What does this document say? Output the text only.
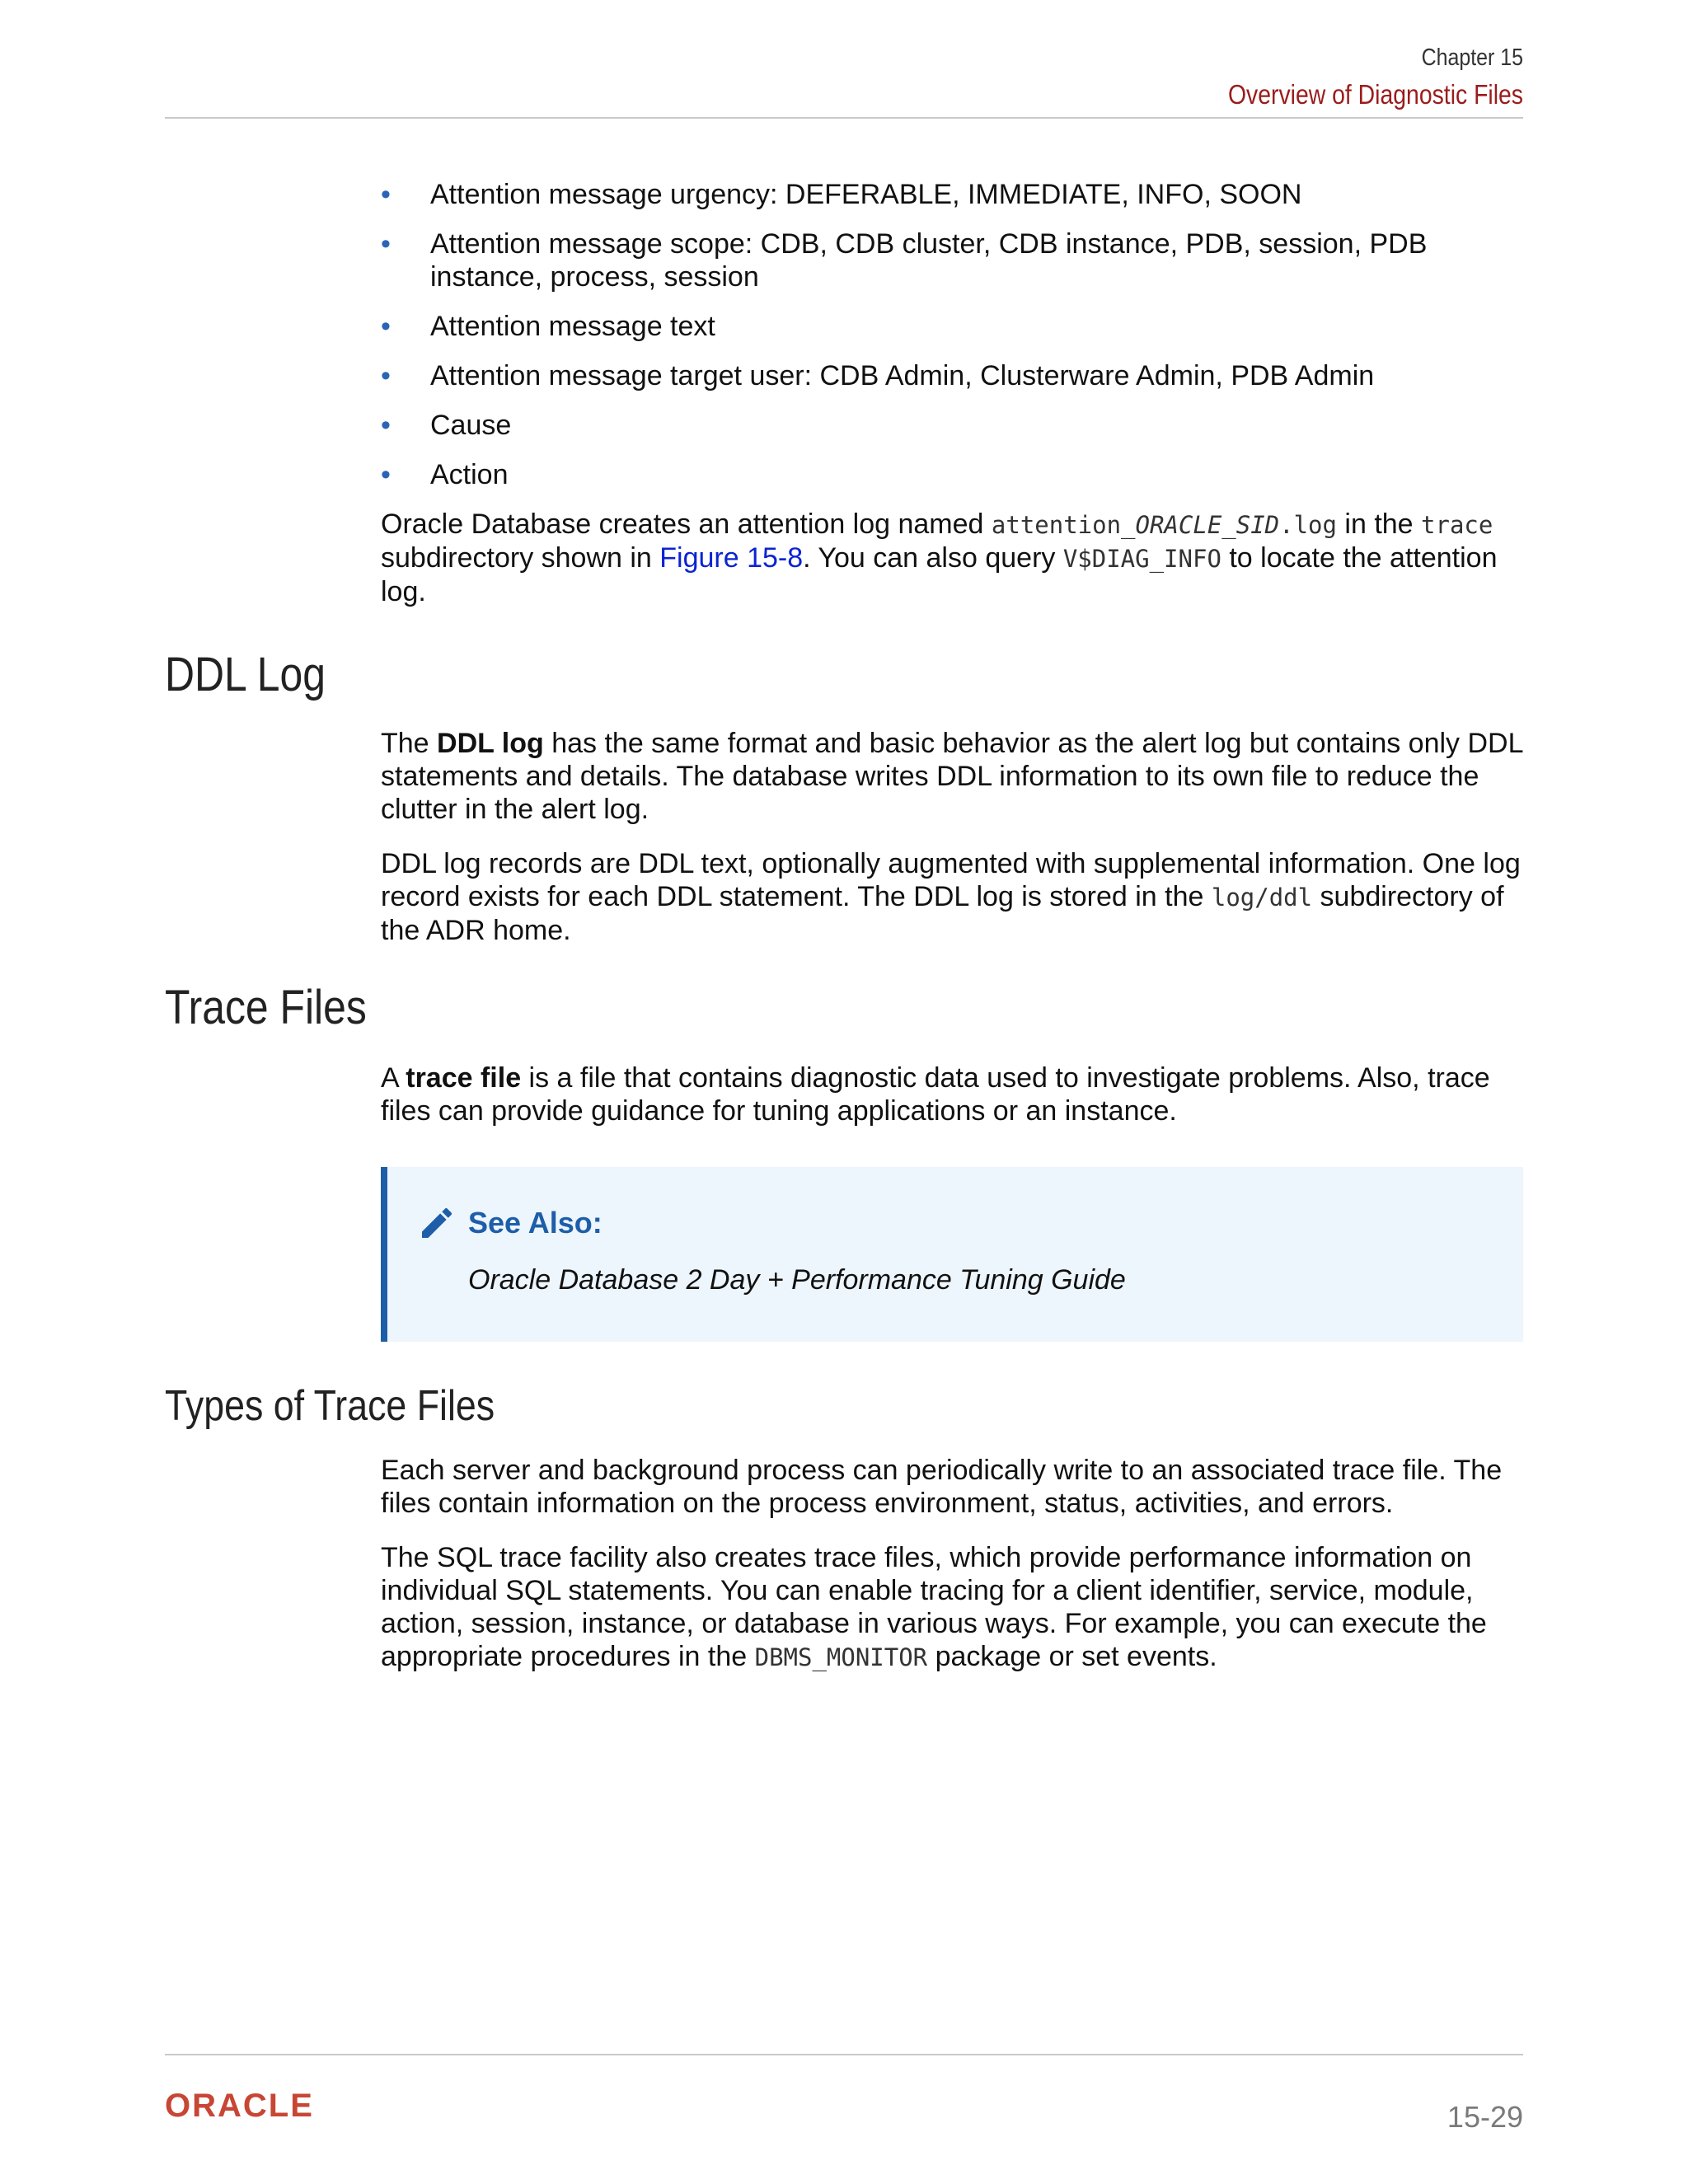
Chapter 15
Overview of Diagnostic Files
• Attention message urgency: DEFERABLE, IMMEDIATE, INFO, SOON
• Attention message scope: CDB, CDB cluster, CDB instance, PDB, session, PDB instance, process, session
• Attention message text
• Attention message target user: CDB Admin, Clusterware Admin, PDB Admin
• Cause
• Action

Oracle Database creates an attention log named attention_ORACLE_SID.log in the trace subdirectory shown in Figure 15-8. You can also query V$DIAG_INFO to locate the attention log.

DDL Log

The DDL log has the same format and basic behavior as the alert log but contains only DDL statements and details. The database writes DDL information to its own file to reduce the clutter in the alert log.

DDL log records are DDL text, optionally augmented with supplemental information. One log record exists for each DDL statement. The DDL log is stored in the log/ddl subdirectory of the ADR home.

Trace Files

A trace file is a file that contains diagnostic data used to investigate problems. Also, trace files can provide guidance for tuning applications or an instance.

See Also:
Oracle Database 2 Day + Performance Tuning Guide
Types of Trace Files

Each server and background process can periodically write to an associated trace file. The files contain information on the process environment, status, activities, and errors.

The SQL trace facility also creates trace files, which provide performance information on individual SQL statements. You can enable tracing for a client identifier, service, module, action, session, instance, or database in various ways. For example, you can execute the appropriate procedures in the DBMS_MONITOR package or set events.

ORACLE	15-29
